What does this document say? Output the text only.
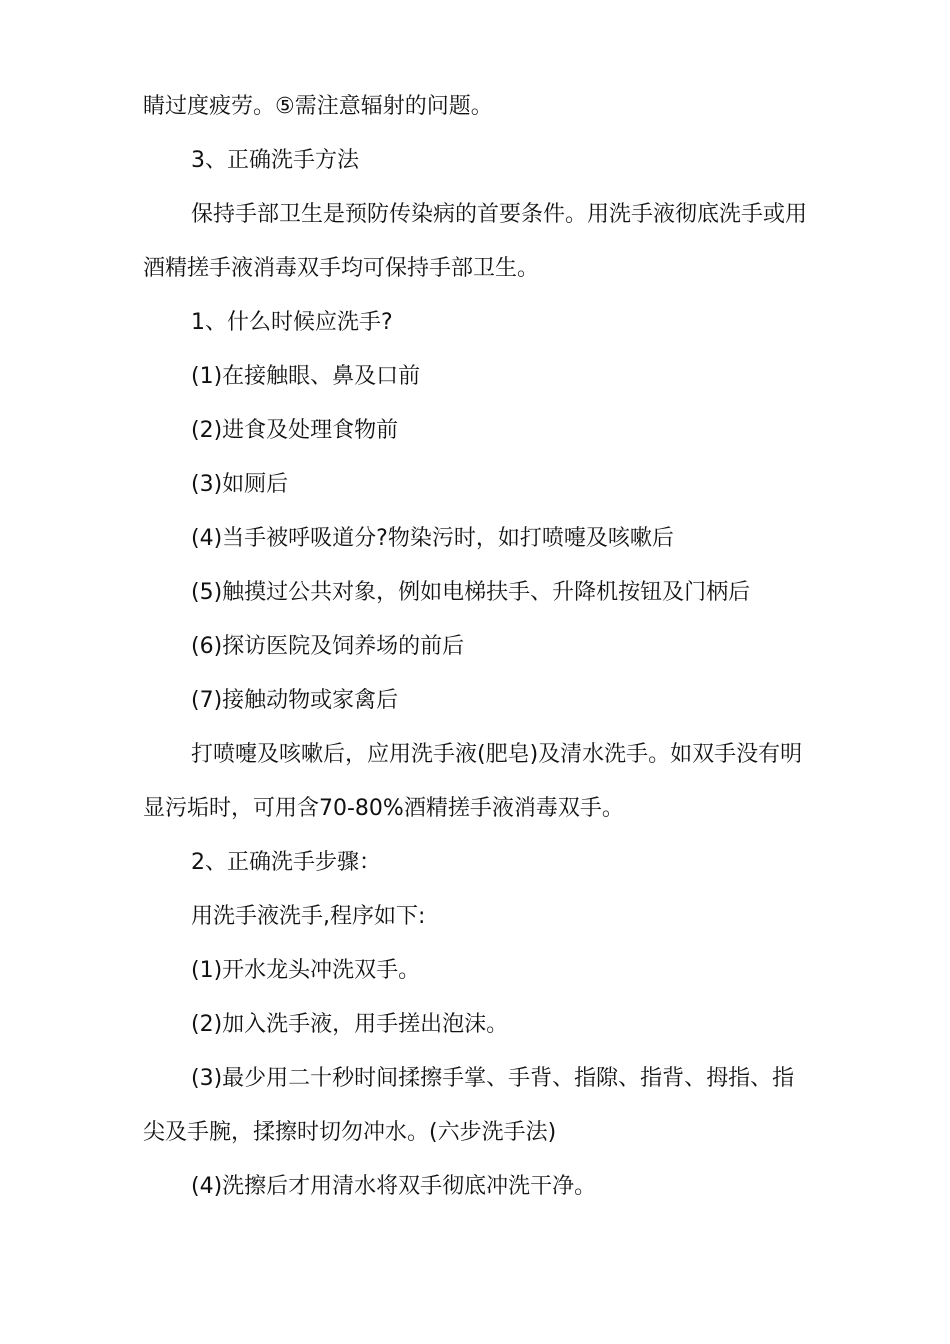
睛过度疲劳。⑤需注意辐射的问题。

3、正确洗手方法

保持手部卫生是预防传染病的首要条件。用洗手液彻底洗手或用酒精搓手液消毒双手均可保持手部卫生。

1、什么时候应洗手?

(1)在接触眼、鼻及口前

(2)进食及处理食物前

(3)如厕后

(4)当手被呼吸道分?物染污时，如打喷嚏及咳嗽后

(5)触摸过公共对象，例如电梯扶手、升降机按钮及门柄后

(6)探访医院及饲养场的前后

(7)接触动物或家禽后

打喷嚏及咳嗽后，应用洗手液(肥皂)及清水洗手。如双手没有明显污垢时，可用含70-80%酒精搓手液消毒双手。

2、正确洗手步骤：

用洗手液洗手,程序如下:

(1)开水龙头冲洗双手。

(2)加入洗手液，用手搓出泡沫。

(3)最少用二十秒时间揉擦手掌、手背、指隙、指背、拇指、指尖及手腕，揉擦时切勿冲水。(六步洗手法)

(4)洗擦后才用清水将双手彻底冲洗干净。
